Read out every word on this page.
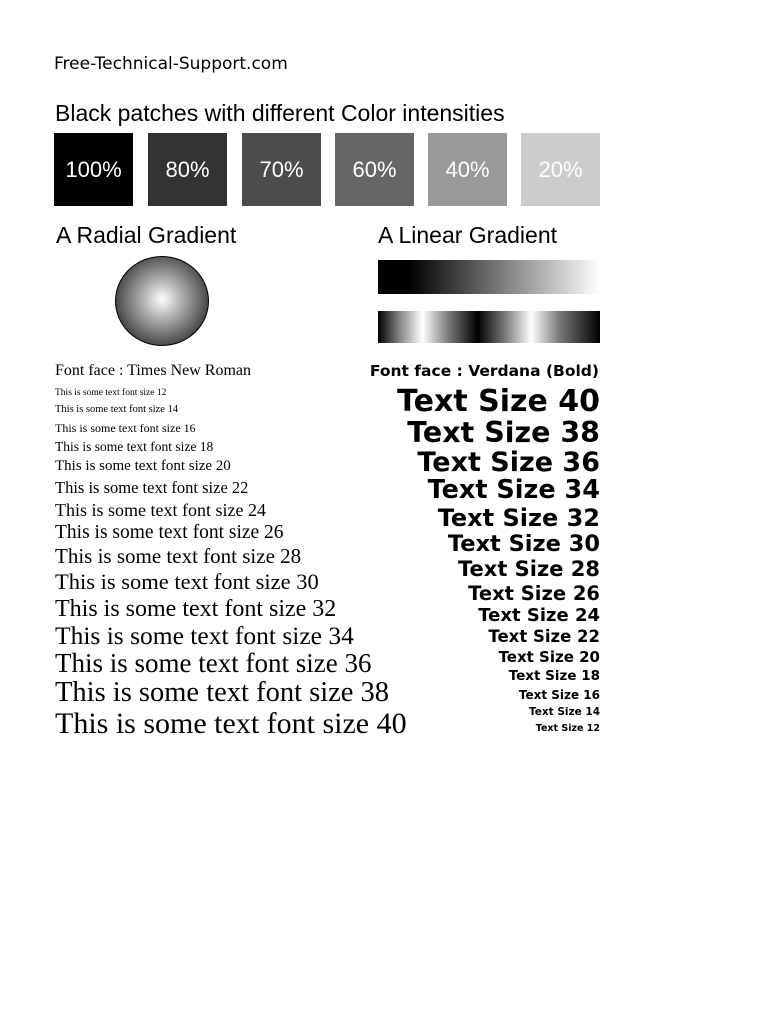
Free-Technical-Support.com
Black patches with different Color intensities
100%	80%	70%	60%	40%	20%
A Radial Gradient	A Linear Gradient
Font face : Times New Roman	Font face : Verdana (Bold)
This is some text font size 12
This is some text font size 14
This is some text font size 16
This is some text font size 18
This is some text font size 20
This is some text font size 22
This is some text font size 24
This is some text font size 26
This is some text font size 28
This is some text font size 30
This is some text font size 32
This is some text font size 34
This is some text font size 36
This is some text font size 38
This is some text font size 40
Text Size 40
Text Size 38
Text Size 36
Text Size 34
Text Size 32
Text Size 30
Text Size 28
Text Size 26
Text Size 24
Text Size 22
Text Size 20
Text Size 18
Text Size 16
Text Size 14
Text Size 12
